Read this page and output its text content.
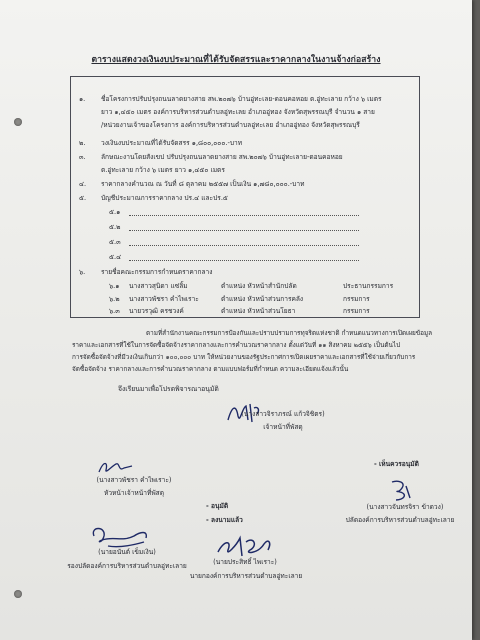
ตารางแสดงวงเงินงบประมาณที่ได้รับจัดสรรและราคากลางในงานจ้างก่อสร้าง
๑. ชื่อโครงการปรับปรุงถนนลาดยางสาย สพ.๒๐๗๖ บ้านอู่ทะเลย-ดอนคอหอย ต.อู่ทะเลาย กว้าง ๖ เมตร
ยาว ๑,๔๕๐ เมตร องค์การบริหารส่วนตำบลอู่ทะเลย อำเภออู่ทอง จังหวัดสุพรรณบุรี จำนวน ๑ สาย
/หน่วยงานเจ้าของโครงการ องค์การบริหารส่วนตำบลอู่ทะเลย อำเภออู่ทอง จังหวัดสุพรรณบุรี
๒. วงเงินงบประมาณที่ได้รับจัดสรร ๑,๘๐๐,๐๐๐.-บาท
๓. ลักษณะงานโดยสังเขป ปรับปรุงถนนลาดยางสาย สพ.๒๐๗๖ บ้านอู่ทะเลาย-ดอนคอหอย
ต.อู่ทะเลาย กว้าง ๖ เมตร ยาว ๑,๔๕๐ เมตร
๔. ราคากลางคำนวณ ณ วันที่ ๘ ตุลาคม ๒๕๕๗ เป็นเงิน ๑,๗๘๐,๐๐๐.-บาท
๕. บัญชีประมาณการราคากลาง ปร.๔ และปร.๕
๕.๑
๕.๒
๕.๓
๕.๔
๖. รายชื่อคณะกรรมการกำหนดราคากลาง
๖.๑ นางสาวสุนิดา แซ่ลิ้ม	ตำแหน่ง หัวหน้าสำนักปลัด	ประธานกรรมการ
๖.๒ นางสาวพัชรา คำไพเราะ	ตำแหน่ง หัวหน้าส่วนการคลัง	กรรมการ
๖.๓ นายวรวุฒิ ครชวงค์	ตำแหน่ง หัวหน้าส่วนโยธา	กรรมการ
ตามที่สำนักงานคณะกรรมการป้องกันและปราบปรามการทุจริตแห่งชาติ กำหนดแนวทางการเปิดเผยข้อมูล
ราคาและเอกสารที่ใช้ในการจัดซื้อจัดจ้างราคากลางและการคำนวณราคากลาง ตั้งแต่วันที่ ๑๑ สิงหาคม ๒๕๕๖ เป็นต้นไป
การจัดซื้อจัดจ้างที่มีวงเงินเกินกว่า ๑๐๐,๐๐๐ บาท ให้หน่วยงานของรัฐประกาศการเปิดเผยราคาและเอกสารที่ใช้จ่ายเกี่ยวกับการ
จัดซื้อจัดจ้าง ราคากลางและการคำนวณราคากลาง ตามแบบฟอร์มที่กำหนด ความละเอียดแจ้งแล้วนั้น
จึงเรียนมาเพื่อโปรดพิจารณาอนุมัติ
(นางสาวจิราภรณ์ แก้วจิชิตร)
เจ้าหน้าที่พัสดุ
- เห็นควรอนุมัติ
(นางสาวพัชรา คำไพเราะ)
หัวหน้าเจ้าหน้าที่พัสดุ
- อนุมัติ
- ลงนามแล้ว
(นางสาวจันทรจิรา ข้าดวง)
ปลัดองค์การบริหารส่วนตำบลอู่ทะเลาย
(นายอนันต์ เข็มเงิน)
รองปลัดองค์การบริหารส่วนตำบลอู่ทะเลาย	(นายประสิทธิ์ ไพเราะ)
นายกองค์การบริหารส่วนตำบลอู่ทะเลาย
